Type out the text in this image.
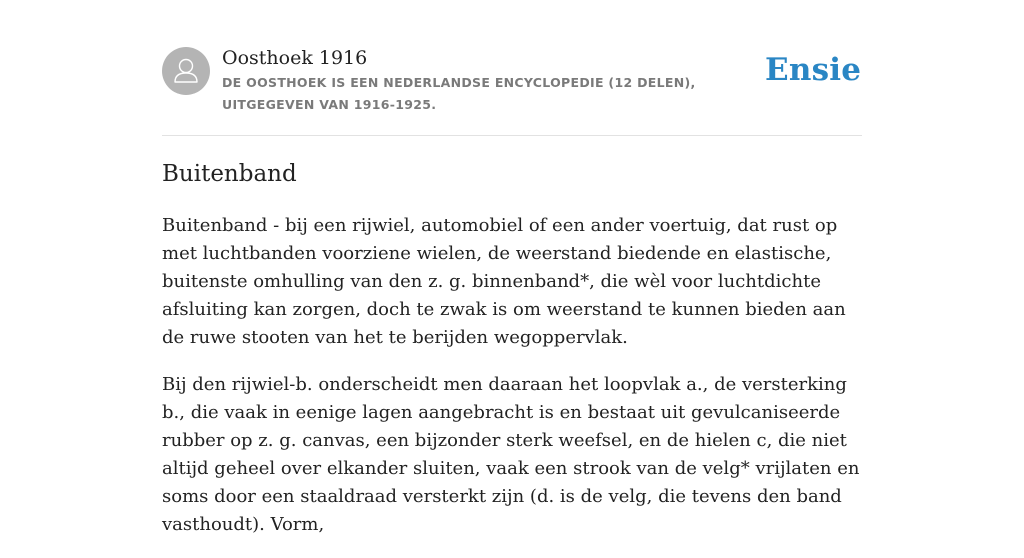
Oosthoek 1916
DE OOSTHOEK IS EEN NEDERLANDSE ENCYCLOPEDIE (12 DELEN), UITGEGEVEN VAN 1916-1925.
Ensie
Buitenband

Buitenband - bij een rijwiel, automobiel of een ander voertuig, dat rust op met luchtbanden voorziene wielen, de weerstand biedende en elastische, buitenste omhulling van den z. g. binnenband*, die wèl voor luchtdichte afsluiting kan zorgen, doch te zwak is om weerstand te kunnen bieden aan de ruwe stooten van het te berijden wegoppervlak.

Bij den rijwiel-b. onderscheidt men daaraan het loopvlak a., de versterking b., die vaak in eenige lagen aangebracht is en bestaat uit gevulcaniseerde rubber op z. g. canvas, een bijzonder sterk weefsel, en de hielen c, die niet altijd geheel over elkander sluiten, vaak een strook van de velg* vrijlaten en soms door een staaldraad versterkt zijn (d. is de velg, die tevens den band vasthoudt). Vorm,
